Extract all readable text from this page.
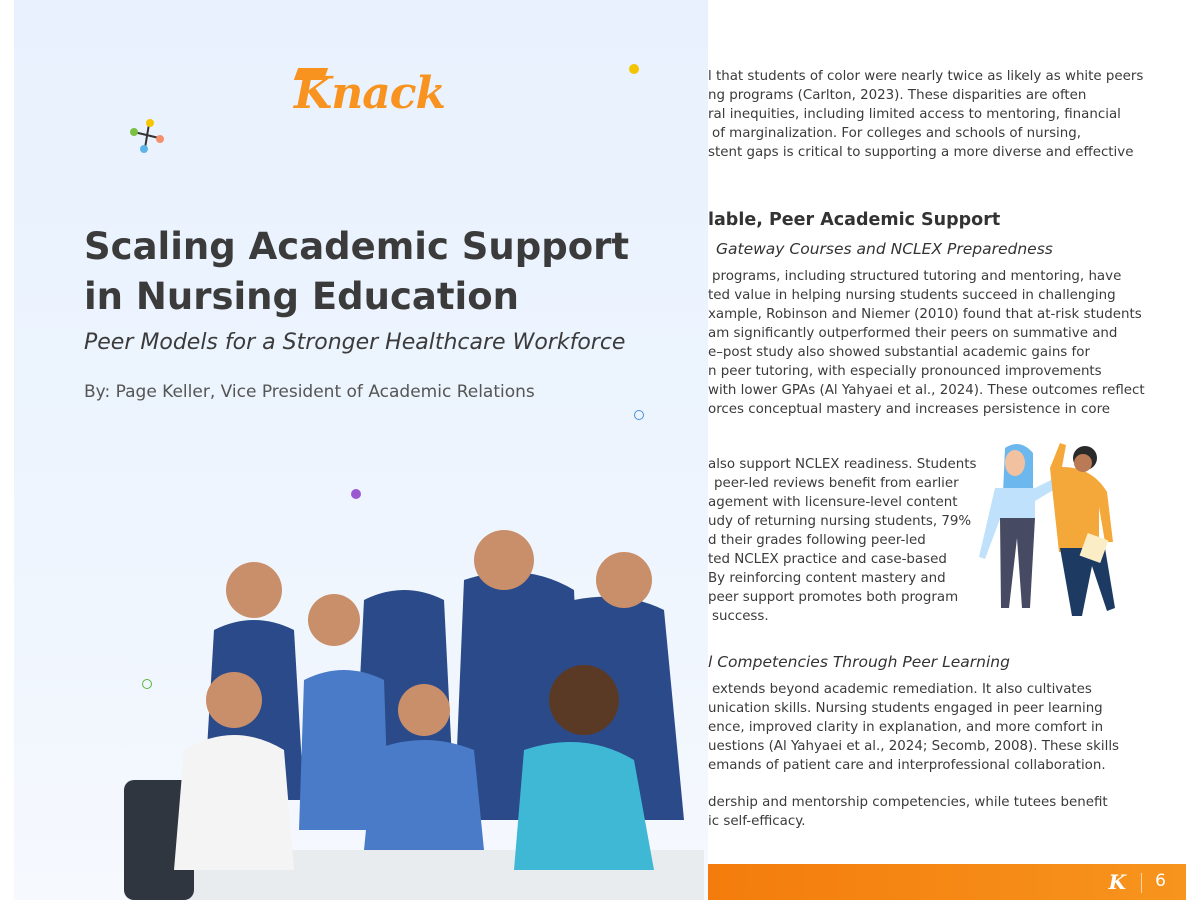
Knack
Scaling Academic Support
in Nursing Education
Peer Models for a Stronger Healthcare Workforce
By: Page Keller, Vice President of Academic Relations
l that students of color were nearly twice as likely as white peers
ng programs (Carlton, 2023). These disparities are often
ral inequities, including limited access to mentoring, financial
of marginalization. For colleges and schools of nursing,
stent gaps is critical to supporting a more diverse and effective
lable, Peer Academic Support
Gateway Courses and NCLEX Preparedness
programs, including structured tutoring and mentoring, have
ted value in helping nursing students succeed in challenging
xample, Robinson and Niemer (2010) found that at-risk students
am significantly outperformed their peers on summative and
e–post study also showed substantial academic gains for
n peer tutoring, with especially pronounced improvements
with lower GPAs (Al Yahyaei et al., 2024). These outcomes reflect
orces conceptual mastery and increases persistence in core
also support NCLEX readiness. Students
peer-led reviews benefit from earlier
agement with licensure-level content
udy of returning nursing students, 79%
d their grades following peer-led
ted NCLEX practice and case-based
By reinforcing content mastery and
peer support promotes both program
success.
l Competencies Through Peer Learning
extends beyond academic remediation. It also cultivates
unication skills. Nursing students engaged in peer learning
ence, improved clarity in explanation, and more comfort in
uestions (Al Yahyaei et al., 2024; Secomb, 2008). These skills
emands of patient care and interprofessional collaboration.
dership and mentorship competencies, while tutees benefit
ic self-efficacy.
K 6
